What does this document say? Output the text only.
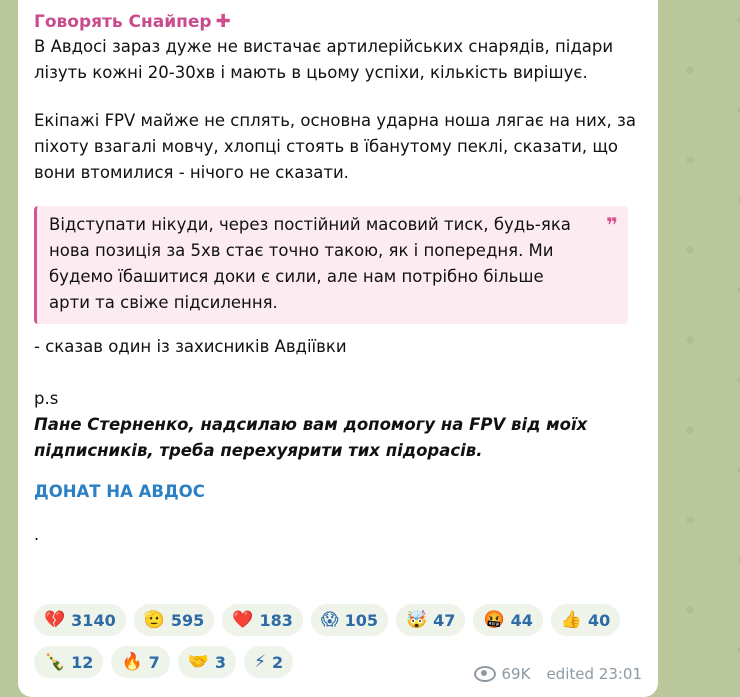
Говорять Снайпер ✚

В Авдосі зараз дуже не вистачає артилерійських снарядів, підари лізуть кожні 20-30хв і мають в цьому успіхи, кількість вирішує.

Екіпажі FPV майже не сплять, основна ударна ноша лягає на них, за піхоту взагалі мовчу, хлопці стоять в їбанутому пеклі, сказати, що вони втомилися - нічого не сказати.

Відступати нікуди, через постійний масовий тиск, будь-яка нова позиція за 5хв стає точно такою, як і попередня. Ми будемо їбашитися доки є сили, але нам потрібно більше арти та свіже підсилення.
❞

- сказав один із захисників Авдіївки

p.s

Пане Стерненко, надсилаю вам допомогу на FPV від моїх підписників, треба перехуярити тих підорасів.

ДОНАТ НА АВДОС
.
💔 3140 🫡 595 ❤️ 183 😱 105 🤯 47 🤬 44 👍 40
🍾 12 🔥 7 🤝 3 ⚡ 2
69K edited 23:01
